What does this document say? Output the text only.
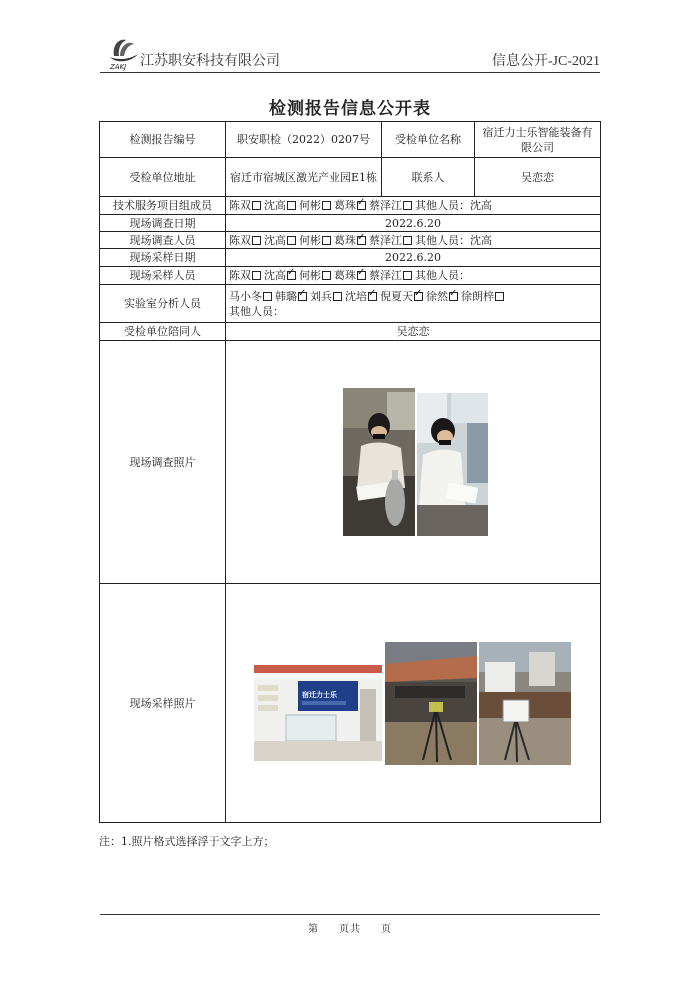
ZAKJ 江苏职安科技有限公司	信息公开-JC-2021
检测报告信息公开表
检测报告编号	职安职检（2022）0207号	受检单位名称	宿迁力士乐智能装备有限公司
受检单位地址	宿迁市宿城区激光产业园E1栋	联系人	吴恋恋
技术服务项目组成员	陈双 沈高 何彬 葛珠 ✓ 蔡泽江 其他人员：沈高
现场调查日期	2022.6.20		
现场调查人员	陈双 沈高 何彬 葛珠 ✓ 蔡泽江 其他人员：沈高
现场采样日期	2022.6.20		
现场采样人员	陈双 沈高 ✓ 何彬 葛珠 ✓ 蔡泽江 其他人员：
实验室分析人员	马小冬 韩璐 ✓ 刘兵 沈培 ✓ 倪夏天 ✓ 徐然 ✓ 徐朗梓
其他人员：
受检单位陪同人	吴恋恋		
现场调查照片	

现场采样照片	宿迁力士乐		
注：1.照片格式选择浮于文字上方；
第 页共 页
